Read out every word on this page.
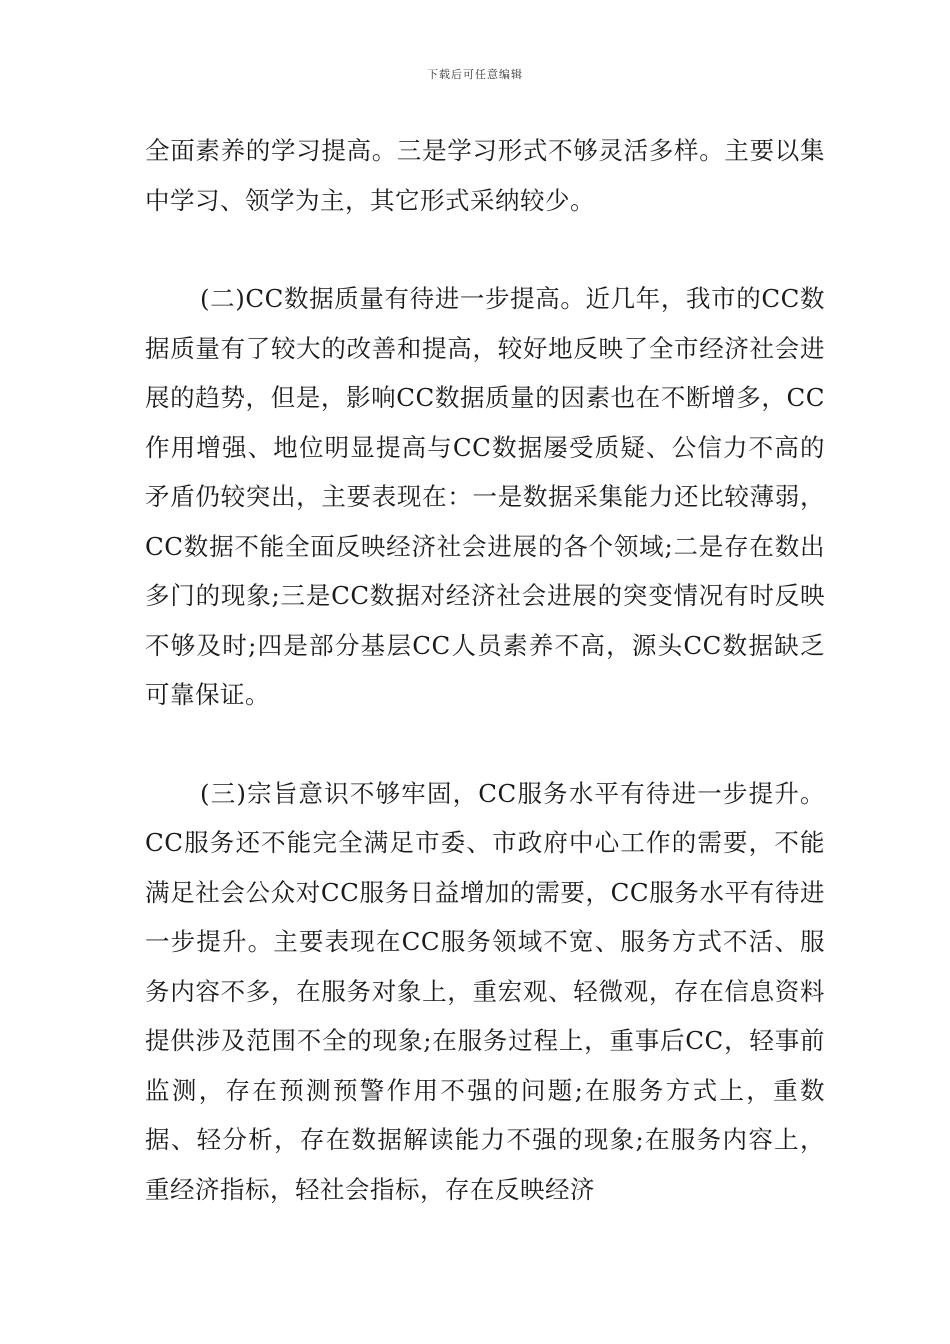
下载后可任意编辑

全面素养的学习提高。三是学习形式不够灵活多样。主要以集中学习、领学为主，其它形式采纳较少。

(二)CC数据质量有待进一步提高。近几年，我市的CC数据质量有了较大的改善和提高，较好地反映了全市经济社会进展的趋势，但是，影响CC数据质量的因素也在不断增多，CC作用增强、地位明显提高与CC数据屡受质疑、公信力不高的矛盾仍较突出，主要表现在：一是数据采集能力还比较薄弱，CC数据不能全面反映经济社会进展的各个领域;二是存在数出多门的现象;三是CC数据对经济社会进展的突变情况有时反映不够及时;四是部分基层CC人员素养不高，源头CC数据缺乏可靠保证。

(三)宗旨意识不够牢固，CC服务水平有待进一步提升。CC服务还不能完全满足市委、市政府中心工作的需要，不能满足社会公众对CC服务日益增加的需要，CC服务水平有待进一步提升。主要表现在CC服务领域不宽、服务方式不活、服务内容不多，在服务对象上，重宏观、轻微观，存在信息资料提供涉及范围不全的现象;在服务过程上，重事后CC，轻事前监测，存在预测预警作用不强的问题;在服务方式上，重数据、轻分析，存在数据解读能力不强的现象;在服务内容上，重经济指标，轻社会指标，存在反映经济
